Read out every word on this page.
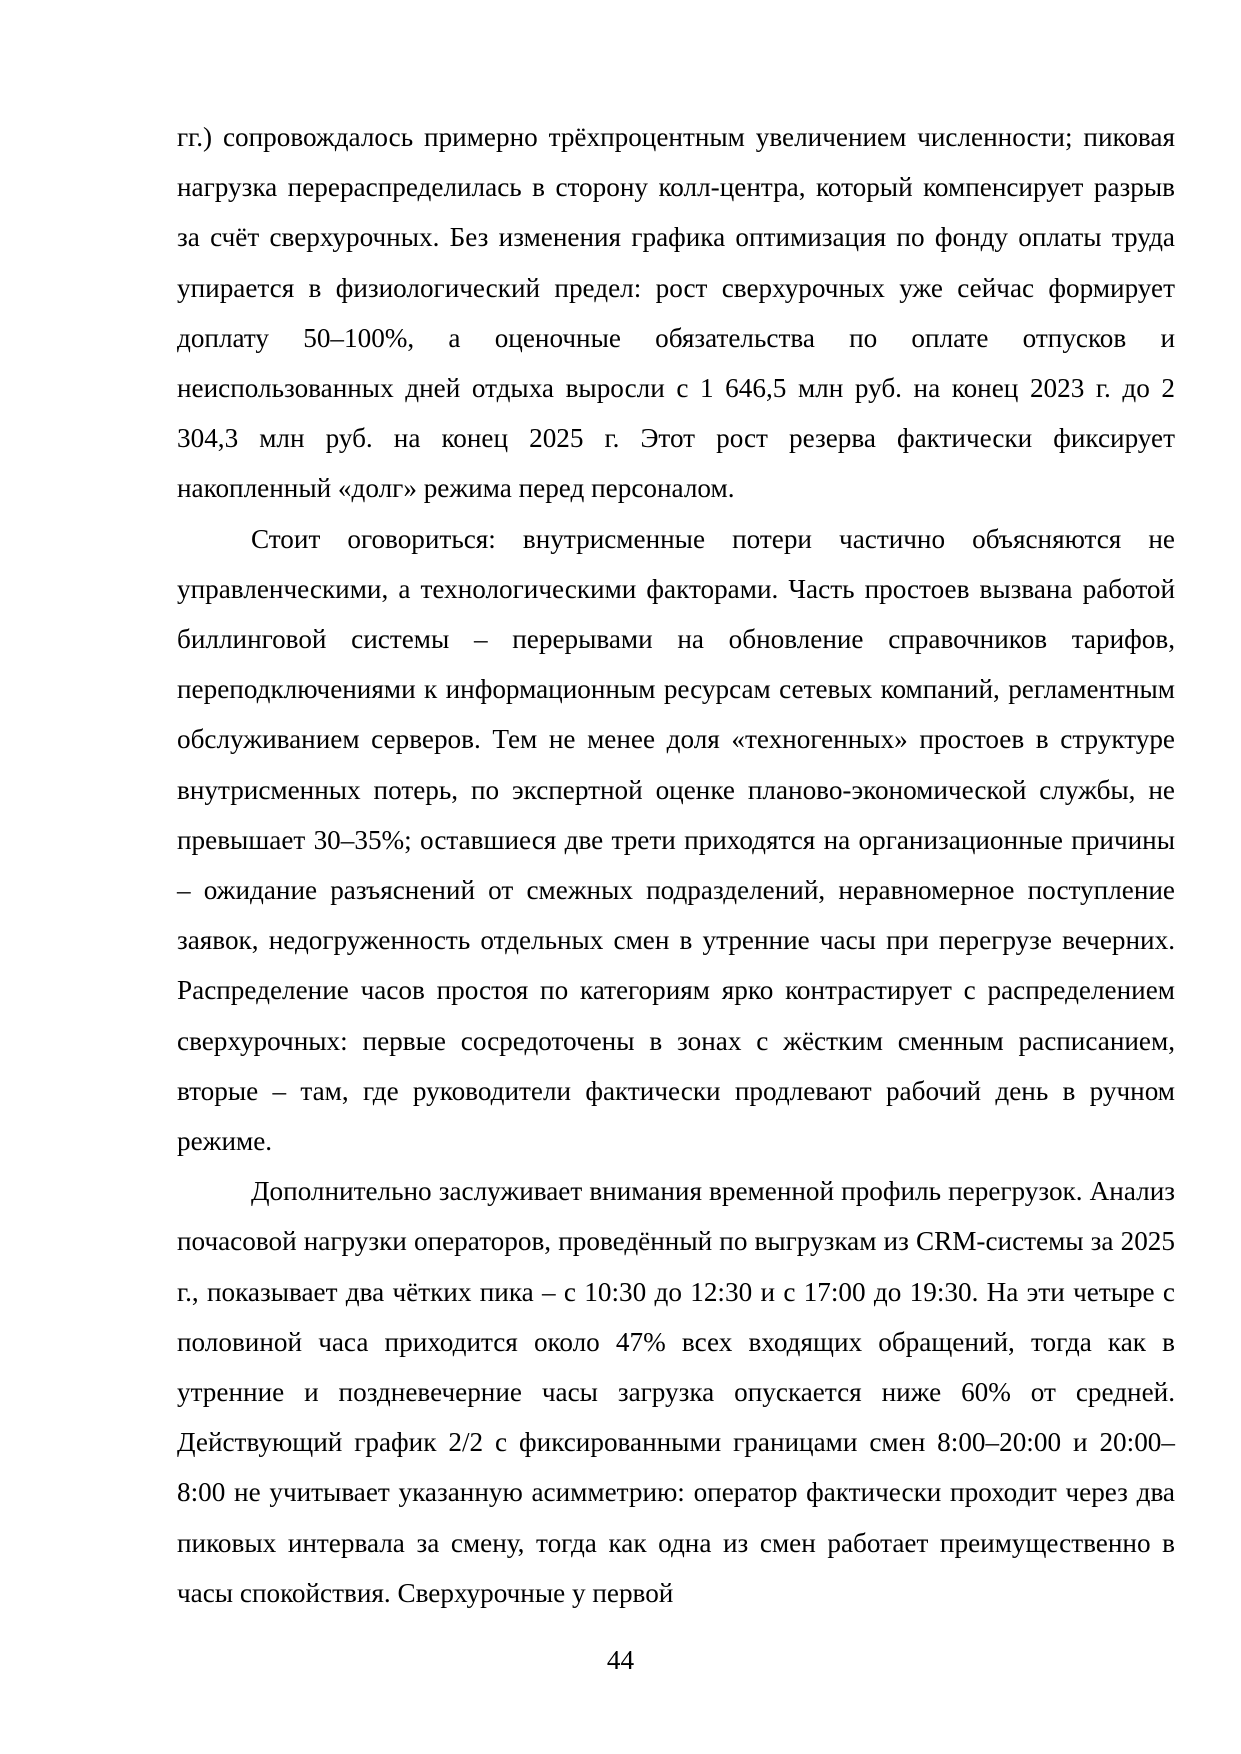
гг.) сопровождалось примерно трёхпроцентным увеличением численности; пиковая нагрузка перераспределилась в сторону колл-центра, который компенсирует разрыв за счёт сверхурочных. Без изменения графика оптимизация по фонду оплаты труда упирается в физиологический предел: рост сверхурочных уже сейчас формирует доплату 50–100%, а оценочные обязательства по оплате отпусков и неиспользованных дней отдыха выросли с 1 646,5 млн руб. на конец 2023 г. до 2 304,3 млн руб. на конец 2025 г. Этот рост резерва фактически фиксирует накопленный «долг» режима перед персоналом.

Стоит оговориться: внутрисменные потери частично объясняются не управленческими, а технологическими факторами. Часть простоев вызвана работой биллинговой системы – перерывами на обновление справочников тарифов, переподключениями к информационным ресурсам сетевых компаний, регламентным обслуживанием серверов. Тем не менее доля «техногенных» простоев в структуре внутрисменных потерь, по экспертной оценке планово-экономической службы, не превышает 30–35%; оставшиеся две трети приходятся на организационные причины – ожидание разъяснений от смежных подразделений, неравномерное поступление заявок, недогруженность отдельных смен в утренние часы при перегрузе вечерних. Распределение часов простоя по категориям ярко контрастирует с распределением сверхурочных: первые сосредоточены в зонах с жёстким сменным расписанием, вторые – там, где руководители фактически продлевают рабочий день в ручном режиме.

Дополнительно заслуживает внимания временной профиль перегрузок. Анализ почасовой нагрузки операторов, проведённый по выгрузкам из CRM-системы за 2025 г., показывает два чётких пика – с 10:30 до 12:30 и с 17:00 до 19:30. На эти четыре с половиной часа приходится около 47% всех входящих обращений, тогда как в утренние и поздневечерние часы загрузка опускается ниже 60% от средней. Действующий график 2/2 с фиксированными границами смен 8:00–20:00 и 20:00–8:00 не учитывает указанную асимметрию: оператор фактически проходит через два пиковых интервала за смену, тогда как одна из смен работает преимущественно в часы спокойствия. Сверхурочные у первой

44
